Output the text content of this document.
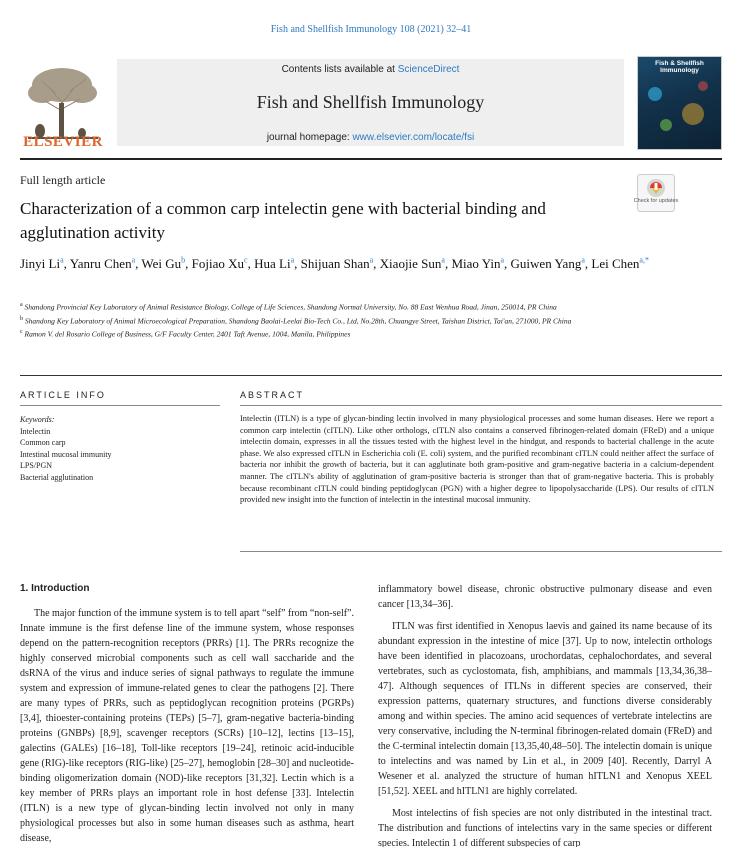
Fish and Shellfish Immunology 108 (2021) 32–41
ELSEVIER
Contents lists available at ScienceDirect
Fish and Shellfish Immunology
journal homepage: www.elsevier.com/locate/fsi
Fish & Shellfish Immunology
Full length article
Check for updates
Characterization of a common carp intelectin gene with bacterial binding and agglutination activity
Jinyi Li$^a$, Yanru Chen$^a$, Wei Gu$^b$, Fojiao Xu$^c$, Hua Li$^a$, Shijuan Shan$^a$, Xiaojie Sun$^a$, Miao Yin$^a$, Guiwen Yang$^a$, Lei Chen$^{a,*}$

$^a$ Shandong Provincial Key Laboratory of Animal Resistance Biology, College of Life Sciences, Shandong Normal University, No. 88 East Wenhua Road, Jinan, 250014, PR China

$^b$ Shandong Key Laboratory of Animal Microecological Preparation, Shandong Baolai-Leelai Bio-Tech Co., Ltd, No.28th, Chuangye Street, Taishan District, Tai'an, 271000, PR China

$^c$ Ramon V. del Rosario College of Business, G/F Faculty Center, 2401 Taft Avenue, 1004, Manila, Philippines

ARTICLE INFO
Keywords:
Intelectin
Common carp
Intestinal mucosal immunity
LPS/PGN
Bacterial agglutination
ABSTRACT
Intelectin (ITLN) is a type of glycan-binding lectin involved in many physiological processes and some human diseases. Here we report a common carp intelectin (cITLN). Like other orthologs, cITLN also contains a conserved fibrinogen-related domain (FReD) and a unique intelectin domain, expresses in all the tissues tested with the highest level in the hindgut, and responds to bacterial challenge in the acute phase. We also expressed cITLN in Escherichia coli (E. coli) system, and the purified recombinant cITLN could neither affect the surface of bacteria nor inhibit the growth of bacteria, but it can agglutinate both gram-positive and gram-negative bacteria in a calcium-dependent manner. The cITLN's ability of agglutination of gram-positive bacteria is stronger than that of gram-negative bacteria. This is probably because recombinant cITLN could binding peptidoglycan (PGN) with a higher degree to lipopolysaccharide (LPS). Our results of cITLN provided new insight into the function of intelectin in the intestinal mucosal immunity.
1. Introduction

The major function of the immune system is to tell apart “self” from “non-self”. Innate immune is the first defense line of the immune system, whose responses depend on the pattern-recognition receptors (PRRs) [1]. The PRRs recognize the highly conserved microbial components such as cell wall saccharide and the dsRNA of the virus and induce series of signal pathways to regulate the immune system and expression of immune-related genes to clear the pathogens [2]. There are many types of PRRs, such as peptidoglycan recognition proteins (PGRPs) [3,4], thioester-containing proteins (TEPs) [5–7], gram-negative bacteria-binding proteins (GNBPs) [8,9], scavenger receptors (SCRs) [10–12], lectins [13–15], galectins (GALEs) [16–18], Toll-like receptors [19–24], retinoic acid-inducible gene (RIG)-like receptors (RIG-like) [25–27], hemoglobin [28–30] and nucleotide-binding oligomerization domain (NOD)-like receptors [31,32]. Lectin which is a key member of PRRs plays an important role in host defense [33]. Intelectin (ITLN) is a new type of glycan-binding lectin involved not only in many physiological processes but also in some human diseases such as asthma, heart disease,

inflammatory bowel disease, chronic obstructive pulmonary disease and even cancer [13,34–36].

ITLN was first identified in Xenopus laevis and gained its name because of its abundant expression in the intestine of mice [37]. Up to now, intelectin orthologs have been identified in placozoans, urochordatas, cephalochordates, and several vertebrates, such as cyclostomata, fish, amphibians, and mammals [13,34,36,38–47]. Although sequences of ITLNs in different species are conserved, their expression patterns, quaternary structures, and functions diverse considerably among and within species. The amino acid sequences of vertebrate intelectins are very conservative, including the N-terminal fibrinogen-related domain (FReD) and the C-terminal intelectin domain [13,35,40,48–50]. The intelectin domain is unique to intelectins and was named by Lin et al., in 2009 [40]. Recently, Darryl A Wesener et al. analyzed the structure of human hITLN1 and Xenopus XEEL [51,52]. XEEL and hITLN1 are highly correlated.

Most intelectins of fish species are not only distributed in the intestinal tract. The distribution and functions of intelectins vary in the same species or different species. Intelectin 1 of different subspecies of carp
